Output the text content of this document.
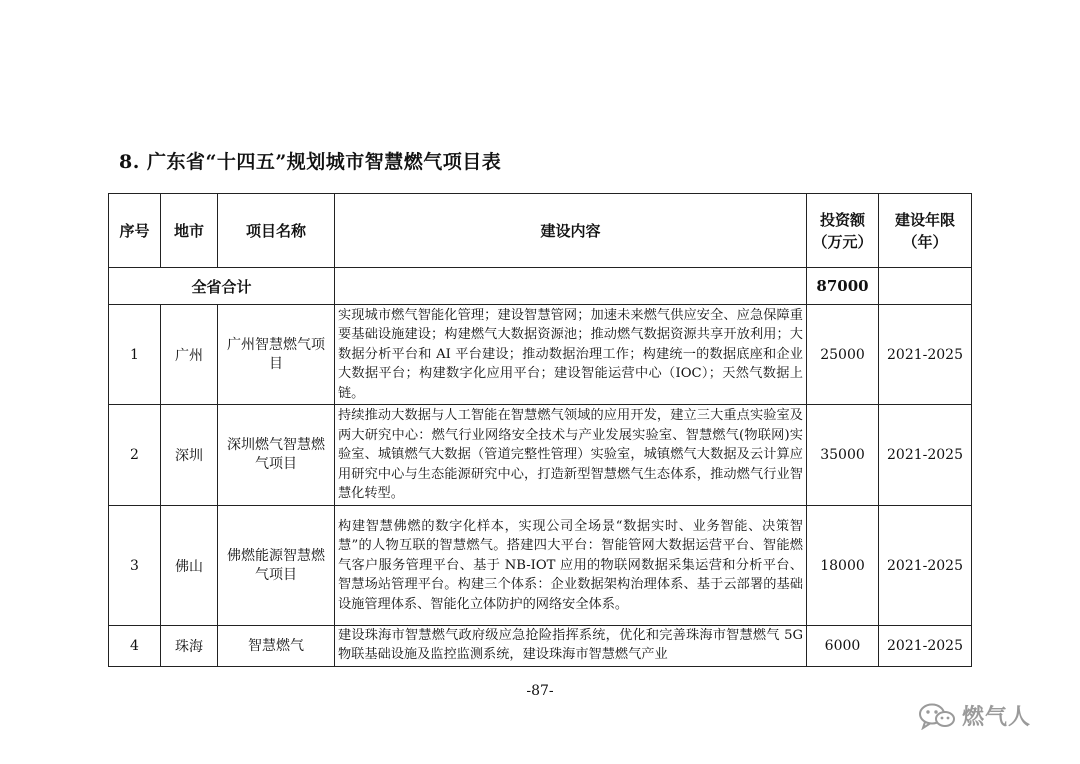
8. 广东省“十四五”规划城市智慧燃气项目表
序号	地市	项目名称	建设内容	投资额（万元）	建设年限（年）
全省合计				87000	
1	广州	广州智慧燃气项目	实现城市燃气智能化管理；建设智慧管网；加速未来燃气供应安全、应急保障重要基础设施建设；构建燃气大数据资源池；推动燃气数据资源共享开放利用；大数据分析平台和 AI 平台建设；推动数据治理工作；构建统一的数据底座和企业大数据平台；构建数字化应用平台；建设智能运营中心（IOC）；天然气数据上链。	25000	2021-2025
2	深圳	深圳燃气智慧燃气项目	持续推动大数据与人工智能在智慧燃气领域的应用开发，建立三大重点实验室及两大研究中心：燃气行业网络安全技术与产业发展实验室、智慧燃气(物联网)实验室、城镇燃气大数据（管道完整性管理）实验室，城镇燃气大数据及云计算应用研究中心与生态能源研究中心，打造新型智慧燃气生态体系，推动燃气行业智慧化转型。	35000	2021-2025
3	佛山	佛燃能源智慧燃气项目	构建智慧佛燃的数字化样本，实现公司全场景“数据实时、业务智能、决策智慧”的人物互联的智慧燃气。搭建四大平台：智能管网大数据运营平台、智能燃气客户服务管理平台、基于 NB-IOT 应用的物联网数据采集运营和分析平台、智慧场站管理平台。构建三个体系：企业数据架构治理体系、基于云部署的基础设施管理体系、智能化立体防护的网络安全体系。	18000	2021-2025
4	珠海	智慧燃气	建设珠海市智慧燃气政府级应急抢险指挥系统，优化和完善珠海市智慧燃气 5G 物联基础设施及监控监测系统，建设珠海市智慧燃气产业	6000	2021-2025
-87-
燃气人
